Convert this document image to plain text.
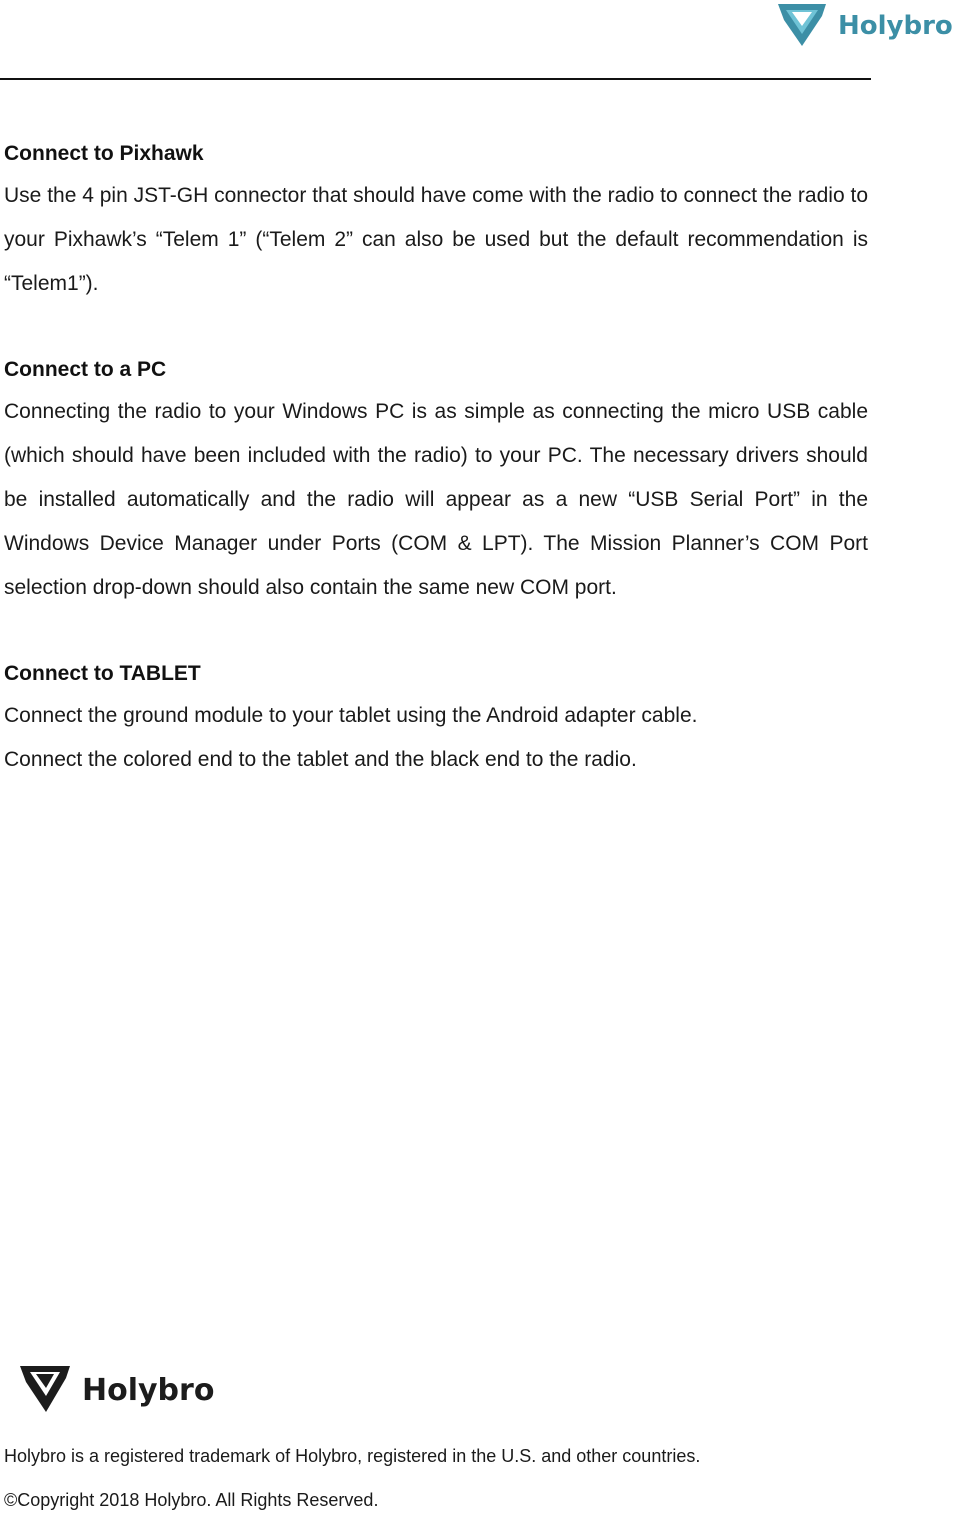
Holybro
Connect to Pixhawk

Use the 4 pin JST-GH connector that should have come with the radio to connect the radio to your Pixhawk’s “Telem 1” (“Telem 2” can also be used but the default recommendation is “Telem1”).

Connect to a PC

Connecting the radio to your Windows PC is as simple as connecting the micro USB cable (which should have been included with the radio) to your PC. The necessary drivers should be installed automatically and the radio will appear as a new “USB Serial Port” in the Windows Device Manager under Ports (COM & LPT). The Mission Planner’s COM Port selection drop-down should also contain the same new COM port.

Connect to TABLET

Connect the ground module to your tablet using the Android adapter cable.

Connect the colored end to the tablet and the black end to the radio.

Holybro
Holybro is a registered trademark of Holybro, registered in the U.S. and other countries.
©Copyright 2018 Holybro. All Rights Reserved.
